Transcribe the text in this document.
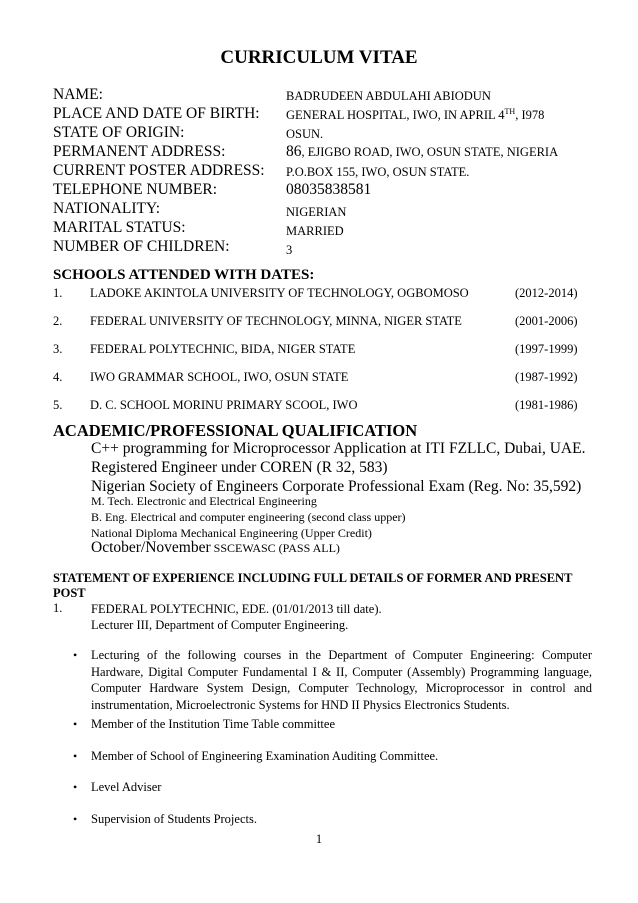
CURRICULUM VITAE
NAME:	BADRUDEEN ABDULAHI ABIODUN
PLACE AND DATE OF BIRTH: GENERAL HOSPITAL, IWO, IN APRIL 4TH, I978
STATE OF ORIGIN:	OSUN.
PERMANENT ADDRESS:	86, EJIGBO ROAD, IWO, OSUN STATE, NIGERIA
CURRENT POSTER ADDRESS: P.O.BOX 155, IWO, OSUN STATE.
TELEPHONE NUMBER:	08035838581
NATIONALITY:	NIGERIAN
MARITAL STATUS:	MARRIED
NUMBER OF CHILDREN:	3
SCHOOLS ATTENDED WITH DATES:
1. LADOKE AKINTOLA UNIVERSITY OF TECHNOLOGY, OGBOMOSO	(2012-2014)
2. FEDERAL UNIVERSITY OF TECHNOLOGY, MINNA, NIGER STATE	(2001-2006)
3. FEDERAL POLYTECHNIC, BIDA, NIGER STATE	(1997-1999)
4. IWO GRAMMAR SCHOOL, IWO, OSUN STATE	(1987-1992)
5. D. C. SCHOOL MORINU PRIMARY SCOOL, IWO	(1981-1986)
ACADEMIC/PROFESSIONAL QUALIFICATION
C++ programming for Microprocessor Application at ITI FZLLC, Dubai, UAE.
Registered Engineer under COREN (R 32, 583)
Nigerian Society of Engineers Corporate Professional Exam (Reg. No: 35,592)
M. Tech. Electronic and Electrical Engineering
B. Eng. Electrical and computer engineering (second class upper)
National Diploma Mechanical Engineering (Upper Credit)
October/November SSCEWASC (PASS ALL)
STATEMENT OF EXPERIENCE INCLUDING FULL DETAILS OF FORMER AND PRESENT POST
1. FEDERAL POLYTECHNIC, EDE. (01/01/2013 till date).
Lecturer III, Department of Computer Engineering.
• Lecturing of the following courses in the Department of Computer Engineering: Computer Hardware, Digital Computer Fundamental I & II, Computer (Assembly) Programming language, Computer Hardware System Design, Computer Technology, Microprocessor in control and instrumentation, Microelectronic Systems for HND II Physics Electronics Students.
• Member of the Institution Time Table committee
• Member of School of Engineering Examination Auditing Committee.
• Level Adviser
• Supervision of Students Projects.
1
